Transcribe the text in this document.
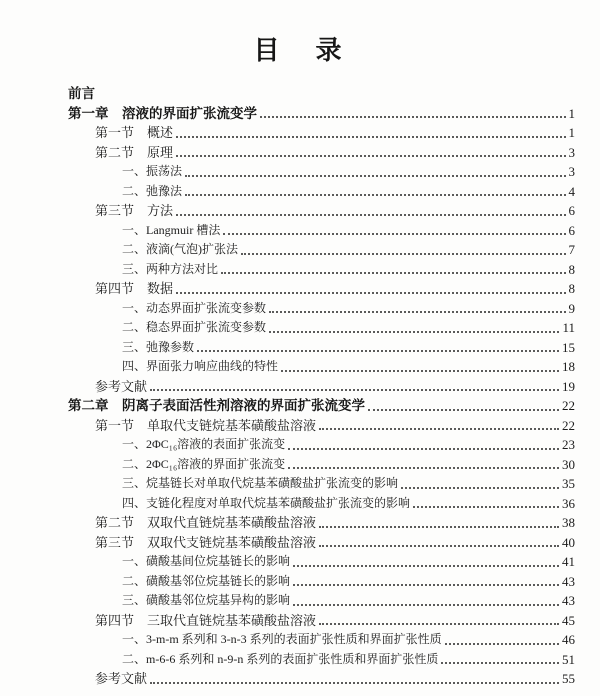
目　录
前言
第一章　溶液的界面扩张流变学	1
第一节　概述	1
第二节　原理	3
一、振荡法	3
二、弛豫法	4
第三节　方法	6
一、Langmuir 槽法	6
二、液滴(气泡)扩张法	7
三、两种方法对比	8
第四节　数据	8
一、动态界面扩张流变参数	9
二、稳态界面扩张流变参数	11
三、弛豫参数	15
四、界面张力响应曲线的特性	18
参考文献	19
第二章　阴离子表面活性剂溶液的界面扩张流变学	22
第一节　单取代支链烷基苯磺酸盐溶液	22
一、2ΦC₁₆溶液的表面扩张流变	23
二、2ΦC₁₆溶液的界面扩张流变	30
三、烷基链长对单取代烷基苯磺酸盐扩张流变的影响	35
四、支链化程度对单取代烷基苯磺酸盐扩张流变的影响	36
第二节　双取代直链烷基苯磺酸盐溶液	38
第三节　双取代支链烷基苯磺酸盐溶液	40
一、磺酸基间位烷基链长的影响	41
二、磺酸基邻位烷基链长的影响	43
三、磺酸基邻位烷基异构的影响	43
第四节　三取代直链烷基苯磺酸盐溶液	45
一、3-m-m 系列和 3-n-3 系列的表面扩张性质和界面扩张性质	46
二、m-6-6 系列和 n-9-n 系列的表面扩张性质和界面扩张性质	51
参考文献	55
